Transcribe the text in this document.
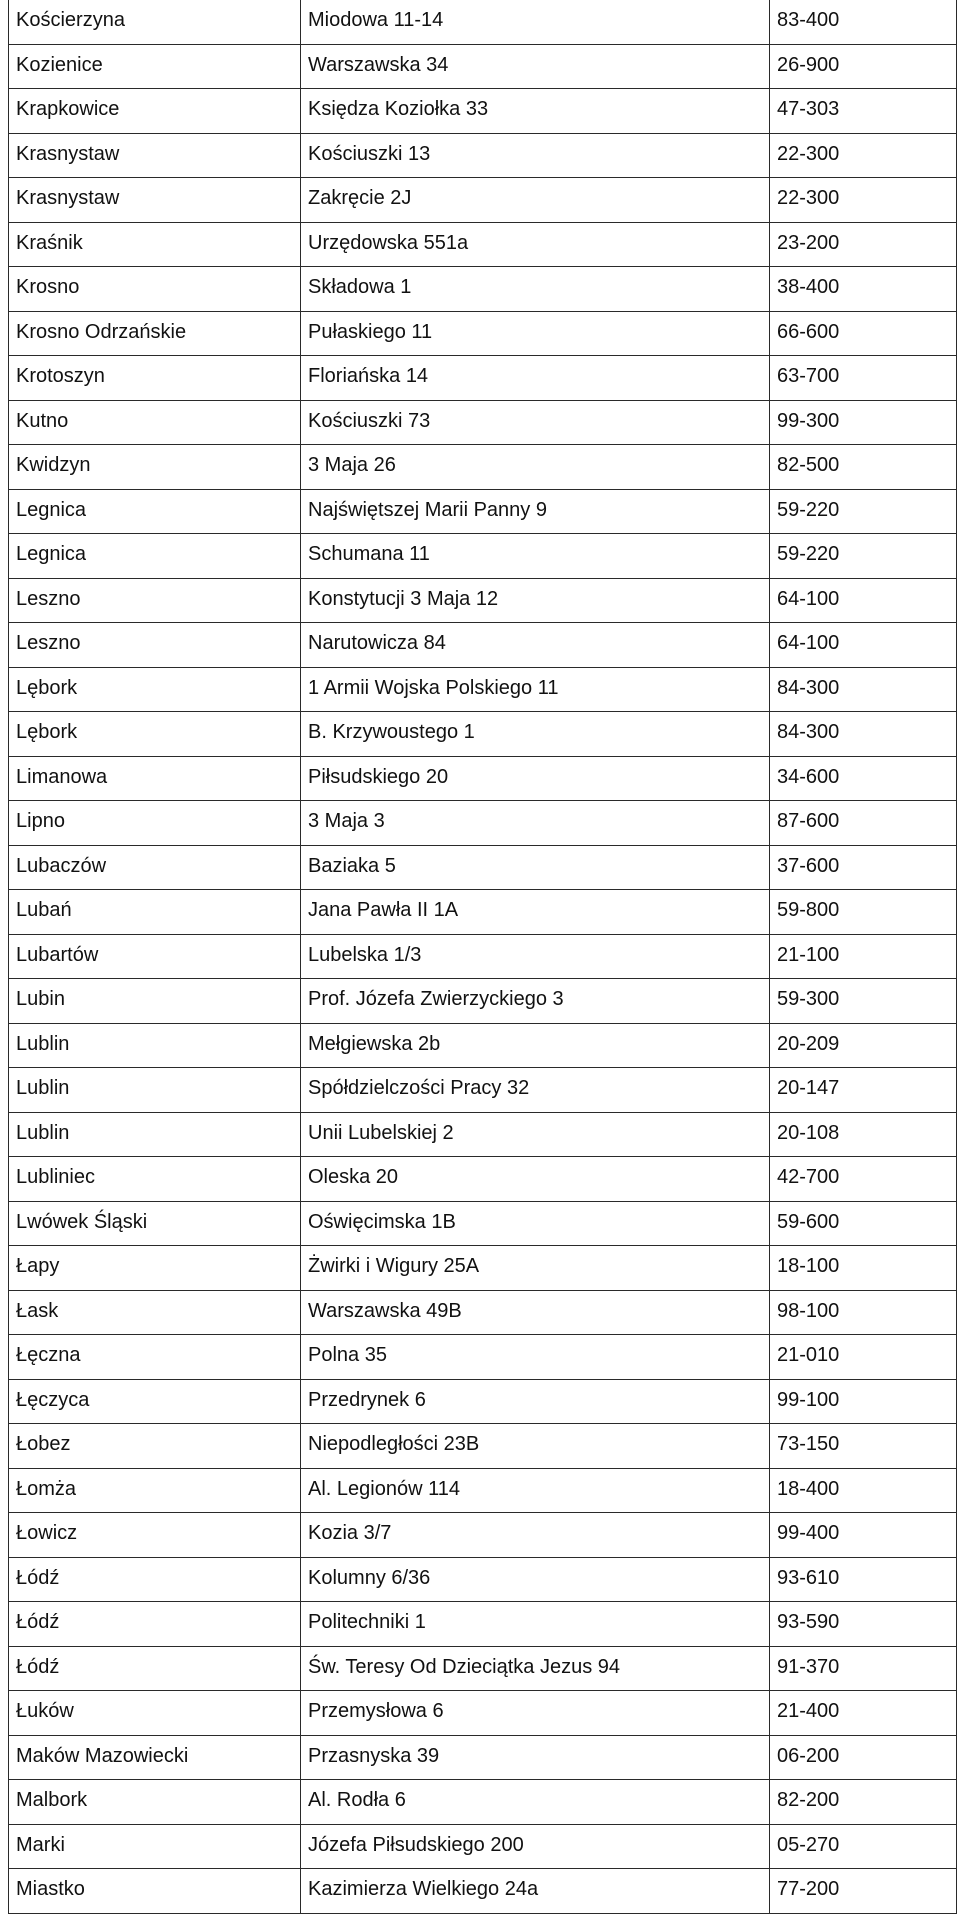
Kościerzyna	Miodowa 11-14	83-400
Kozienice	Warszawska 34	26-900
Krapkowice	Księdza Koziołka 33	47-303
Krasnystaw	Kościuszki 13	22-300
Krasnystaw	Zakręcie 2J	22-300
Kraśnik	Urzędowska 551a	23-200
Krosno	Składowa 1	38-400
Krosno Odrzańskie	Pułaskiego 11	66-600
Krotoszyn	Floriańska 14	63-700
Kutno	Kościuszki 73	99-300
Kwidzyn	3 Maja 26	82-500
Legnica	Najświętszej Marii Panny 9	59-220
Legnica	Schumana 11	59-220
Leszno	Konstytucji 3 Maja 12	64-100
Leszno	Narutowicza 84	64-100
Lębork	1 Armii Wojska Polskiego 11	84-300
Lębork	B. Krzywoustego 1	84-300
Limanowa	Piłsudskiego 20	34-600
Lipno	3 Maja 3	87-600
Lubaczów	Baziaka 5	37-600
Lubań	Jana Pawła II 1A	59-800
Lubartów	Lubelska 1/3	21-100
Lubin	Prof. Józefa Zwierzyckiego 3	59-300
Lublin	Mełgiewska 2b	20-209
Lublin	Spółdzielczości Pracy 32	20-147
Lublin	Unii Lubelskiej 2	20-108
Lubliniec	Oleska 20	42-700
Lwówek Śląski	Oświęcimska 1B	59-600
Łapy	Żwirki i Wigury 25A	18-100
Łask	Warszawska 49B	98-100
Łęczna	Polna 35	21-010
Łęczyca	Przedrynek 6	99-100
Łobez	Niepodległości 23B	73-150
Łomża	Al. Legionów 114	18-400
Łowicz	Kozia 3/7	99-400
Łódź	Kolumny 6/36	93-610
Łódź	Politechniki 1	93-590
Łódź	Św. Teresy Od Dzieciątka Jezus 94	91-370
Łuków	Przemysłowa 6	21-400
Maków Mazowiecki	Przasnyska 39	06-200
Malbork	Al. Rodła 6	82-200
Marki	Józefa Piłsudskiego 200	05-270
Miastko	Kazimierza Wielkiego 24a	77-200
